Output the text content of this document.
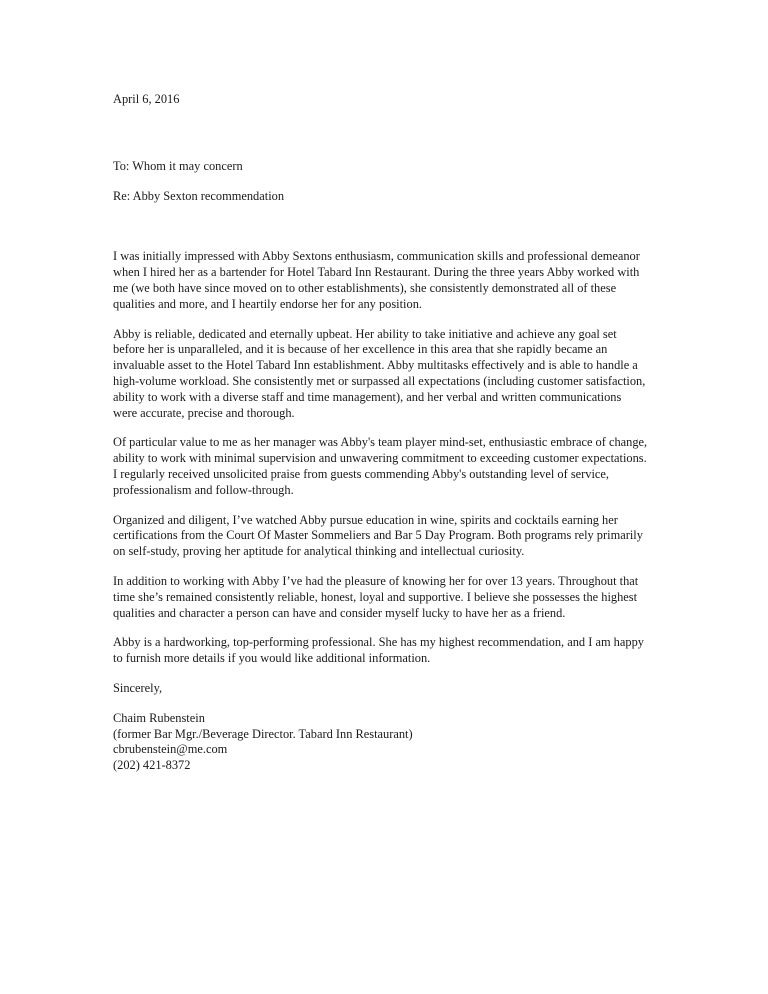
April 6, 2016

To: Whom it may concern

Re: Abby Sexton recommendation

I was initially impressed with Abby Sextons enthusiasm, communication skills and professional demeanor

when I hired her as a bartender for Hotel Tabard Inn Restaurant. During the three years Abby worked with

me (we both have since moved on to other establishments), she consistently demonstrated all of these

qualities and more, and I heartily endorse her for any position.

Abby is reliable, dedicated and eternally upbeat. Her ability to take initiative and achieve any goal set

before her is unparalleled, and it is because of her excellence in this area that she rapidly became an

invaluable asset to the Hotel Tabard Inn establishment. Abby multitasks effectively and is able to handle a

high-volume workload. She consistently met or surpassed all expectations (including customer satisfaction,

ability to work with a diverse staff and time management), and her verbal and written communications

were accurate, precise and thorough.

Of particular value to me as her manager was Abby's team player mind-set, enthusiastic embrace of change,

ability to work with minimal supervision and unwavering commitment to exceeding customer expectations.

I regularly received unsolicited praise from guests commending Abby's outstanding level of service,

professionalism and follow-through.

Organized and diligent, I’ve watched Abby pursue education in wine, spirits and cocktails earning her

certifications from the Court Of Master Sommeliers and Bar 5 Day Program. Both programs rely primarily

on self-study, proving her aptitude for analytical thinking and intellectual curiosity.

In addition to working with Abby I’ve had the pleasure of knowing her for over 13 years. Throughout that

time she’s remained consistently reliable, honest, loyal and supportive. I believe she possesses the highest

qualities and character a person can have and consider myself lucky to have her as a friend.

Abby is a hardworking, top-performing professional. She has my highest recommendation, and I am happy

to furnish more details if you would like additional information.

Sincerely,

Chaim Rubenstein

(former Bar Mgr./Beverage Director. Tabard Inn Restaurant)

cbrubenstein@me.com

(202) 421-8372
